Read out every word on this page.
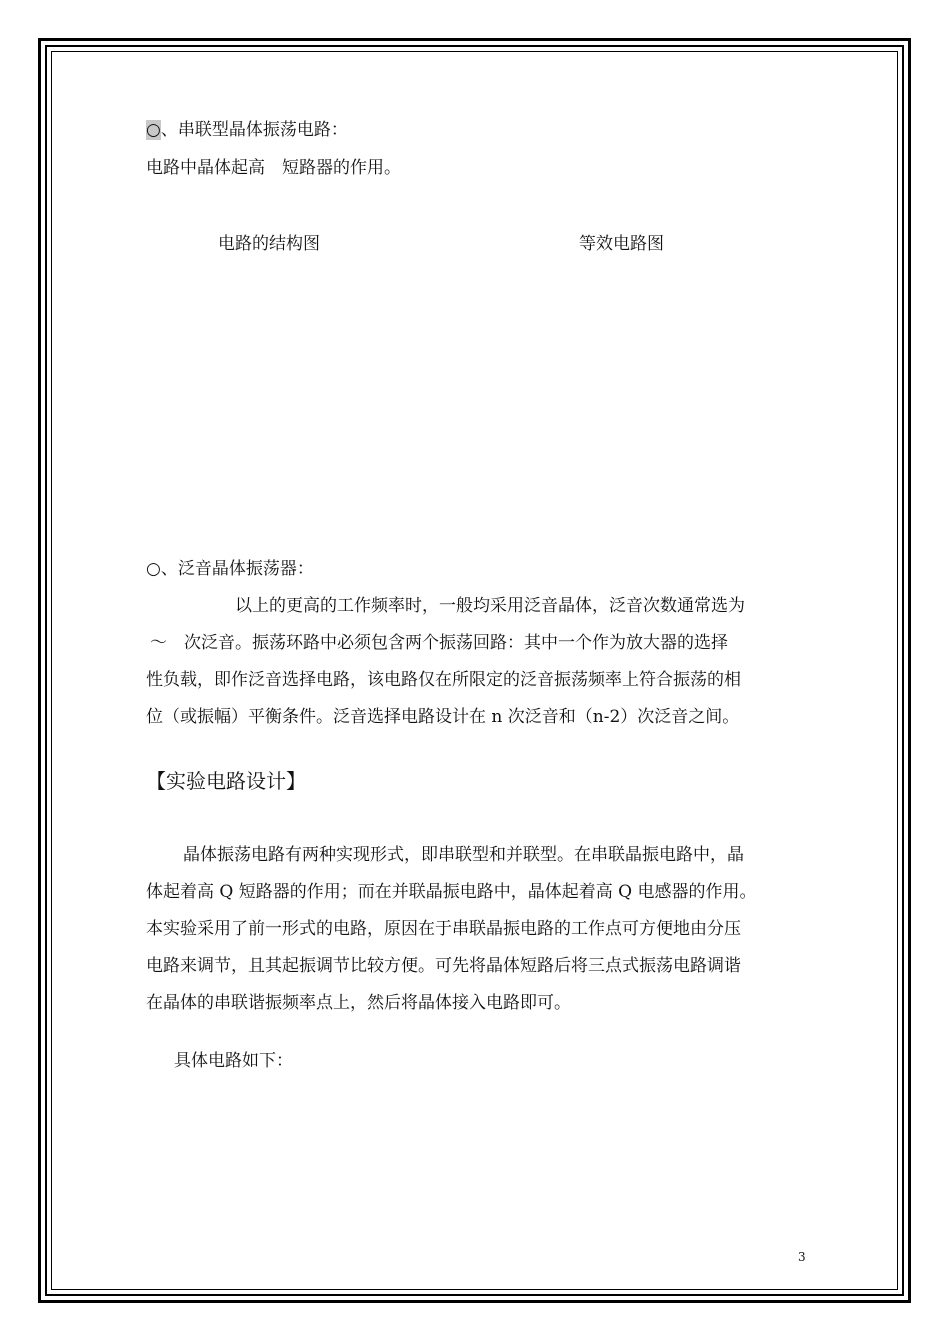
○、串联型晶体振荡电路：
电路中晶体起高　短路器的作用。
电路的结构图	等效电路图
○、泛音晶体振荡器：
以上的更高的工作频率时，一般均采用泛音晶体，泛音次数通常选为
～　次泛音。振荡环路中必须包含两个振荡回路：其中一个作为放大器的选择
性负载，即作泛音选择电路，该电路仅在所限定的泛音振荡频率上符合振荡的相
位（或振幅）平衡条件。泛音选择电路设计在 n 次泛音和（n-2）次泛音之间。
【实验电路设计】
晶体振荡电路有两种实现形式，即串联型和并联型。在串联晶振电路中，晶
体起着高 Q 短路器的作用；而在并联晶振电路中，晶体起着高 Q 电感器的作用。
本实验采用了前一形式的电路，原因在于串联晶振电路的工作点可方便地由分压
电路来调节，且其起振调节比较方便。可先将晶体短路后将三点式振荡电路调谐
在晶体的串联谐振频率点上，然后将晶体接入电路即可。
具体电路如下：
3
